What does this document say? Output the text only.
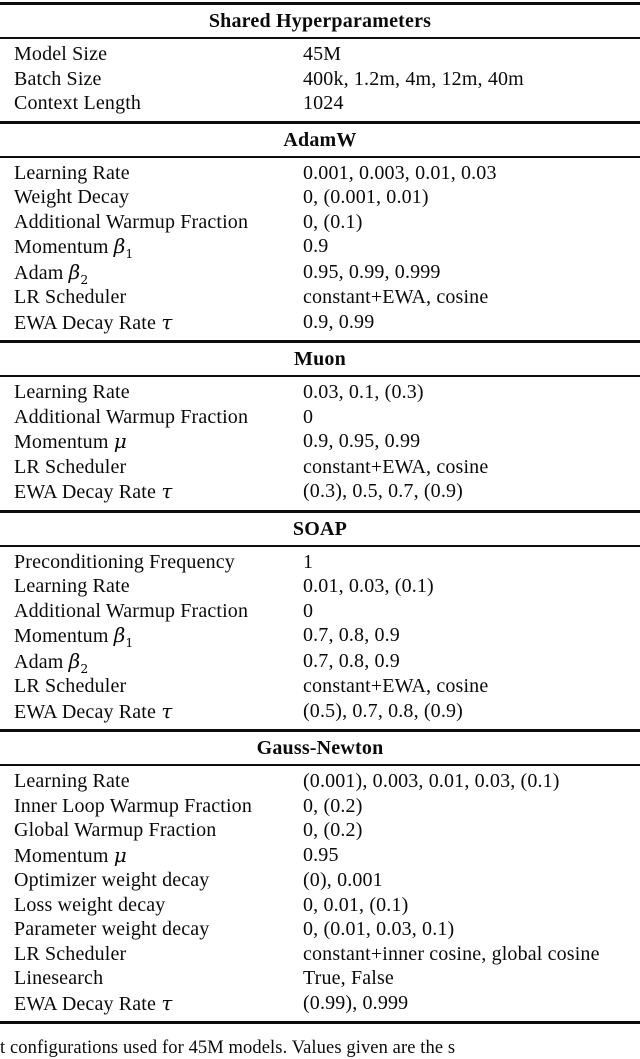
Shared Hyperparameters
Model Size	45M
Batch Size	400k, 1.2m, 4m, 12m, 40m
Context Length	1024
AdamW
Learning Rate	0.001, 0.003, 0.01, 0.03
Weight Decay	0, (0.001, 0.01)
Additional Warmup Fraction	0, (0.1)
Momentum $\beta_1$	0.9
Adam $\beta_2$	0.95, 0.99, 0.999
LR Scheduler	constant+EWA, cosine
EWA Decay Rate τ	0.9, 0.99
Muon
Learning Rate	0.03, 0.1, (0.3)
Additional Warmup Fraction	0
Momentum μ	0.9, 0.95, 0.99
LR Scheduler	constant+EWA, cosine
EWA Decay Rate τ	(0.3), 0.5, 0.7, (0.9)
SOAP
Preconditioning Frequency	1
Learning Rate	0.01, 0.03, (0.1)
Additional Warmup Fraction	0
Momentum $\beta_1$	0.7, 0.8, 0.9
Adam $\beta_2$	0.7, 0.8, 0.9
LR Scheduler	constant+EWA, cosine
EWA Decay Rate τ	(0.5), 0.7, 0.8, (0.9)
Gauss-Newton
Learning Rate	(0.001), 0.003, 0.01, 0.03, (0.1)
Inner Loop Warmup Fraction	0, (0.2)
Global Warmup Fraction	0, (0.2)
Momentum μ	0.95
Optimizer weight decay	(0), 0.001
Loss weight decay	0, 0.01, (0.1)
Parameter weight decay	0, (0.01, 0.03, 0.1)
LR Scheduler	constant+inner cosine, global cosine
Linesearch	True, False
EWA Decay Rate τ	(0.99), 0.999
t configurations used for 45M models. Values given are the s
